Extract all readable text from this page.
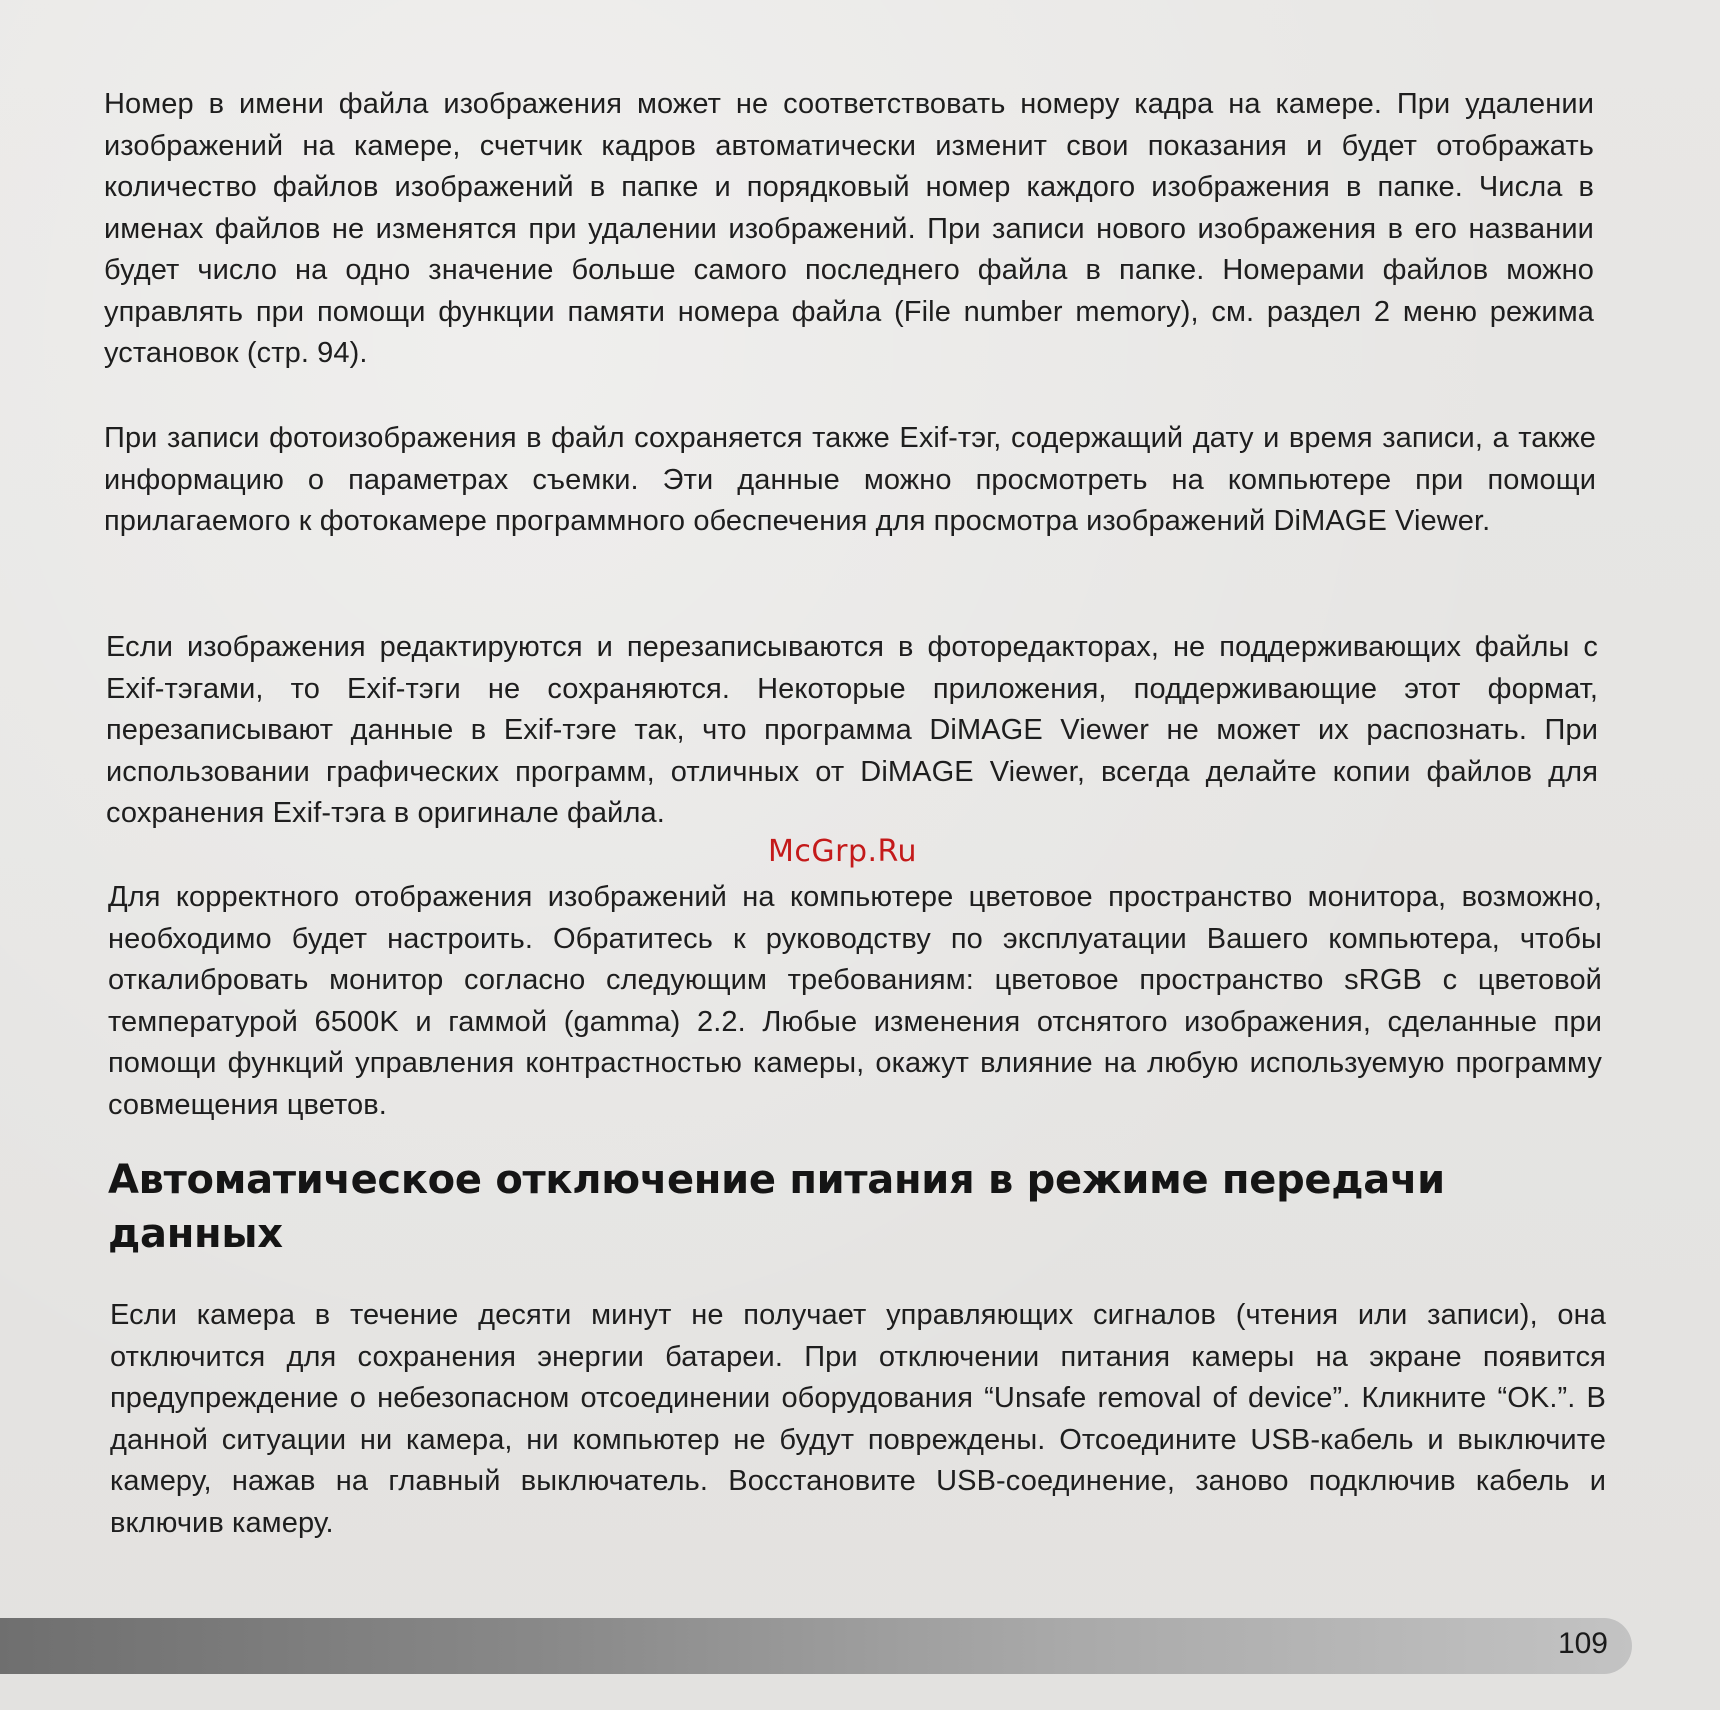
Номер в имени файла изображения может не соответствовать номеру кадра на камере. При удалении изображений на камере, счетчик кадров автоматически изменит свои показания и будет отображать количество файлов изображений в папке и порядковый номер каждого изображения в папке. Числа в именах файлов не изменятся при удалении изображений. При записи нового изображения в его названии будет число на одно значение больше самого последнего файла в папке. Номерами файлов можно управлять при помощи функции памяти номера файла (File number memory), см. раздел 2 меню режима установок (стр. 94).

При записи фотоизображения в файл сохраняется также Exif-тэг, содержащий дату и время записи, а также информацию о параметрах съемки. Эти данные можно просмотреть на компьютере при помощи прилагаемого к фотокамере программного обеспечения для просмотра изображений DiMAGE Viewer.

Если изображения редактируются и перезаписываются в фоторедакторах, не поддерживающих файлы с Exif-тэгами, то Exif-тэги не сохраняются. Некоторые приложения, поддерживающие этот формат, перезаписывают данные в Exif-тэге так, что программа DiMAGE Viewer не может их распознать. При использовании графических программ, отличных от DiMAGE Viewer, всегда делайте копии файлов для сохранения Exif-тэга в оригинале файла.

Для корректного отображения изображений на компьютере цветовое пространство монитора, возможно, необходимо будет настроить. Обратитесь к руководству по эксплуатации Вашего компьютера, чтобы откалибровать монитор согласно следующим требованиям: цветовое пространство sRGB с цветовой температурой 6500K и гаммой (gamma) 2.2. Любые изменения отснятого изображения, сделанные при помощи функций управления контрастностью камеры, окажут влияние на любую используемую программу совмещения цветов.

Автоматическое отключение питания в режиме передачи данных

Если камера в течение десяти минут не получает управляющих сигналов (чтения или записи), она отключится для сохранения энергии батареи. При отключении питания камеры на экране появится предупреждение о небезопасном отсоединении оборудования “Unsafe removal of device”. Кликните “OK.”. В данной ситуации ни камера, ни компьютер не будут повреждены. Отсоедините USB-кабель и выключите камеру, нажав на главный выключатель. Восстановите USB-соединение, заново подключив кабель и включив камеру.

McGrp.Ru
109
